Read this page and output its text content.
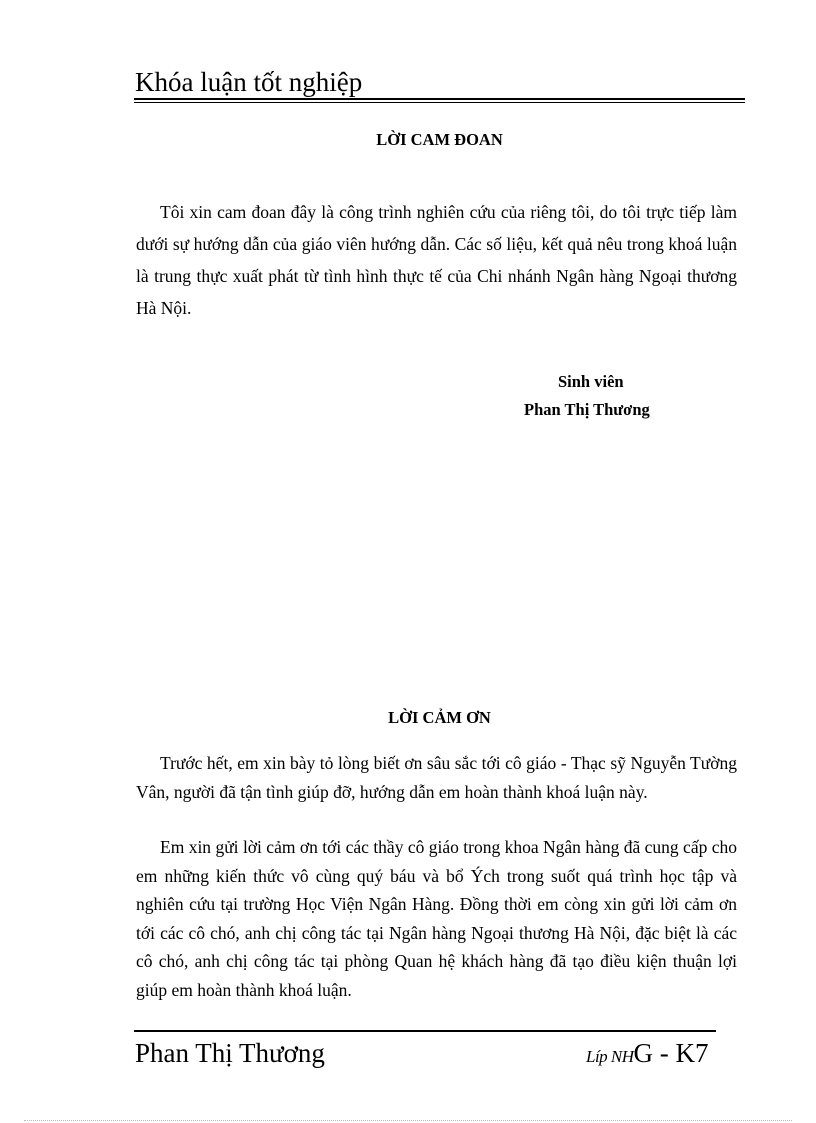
Khóa luận tốt nghiệp
LỜI CAM ĐOAN
Tôi xin cam đoan đây là công trình nghiên cứu của riêng tôi, do tôi trực tiếp làm dưới sự hướng dẫn của giáo viên hướng dẫn. Các số liệu, kết quả nêu trong khoá luận là trung thực xuất phát từ tình hình thực tế của Chi nhánh Ngân hàng Ngoại thương Hà Nội.
Sinh viên
Phan Thị Thương
LỜI CẢM ƠN
Trước hết, em xin bày tỏ lòng biết ơn sâu sắc tới cô giáo - Thạc sỹ Nguyễn Tường Vân, người đã tận tình giúp đỡ, hướng dẫn em hoàn thành khoá luận này.
Em xin gửi lời cảm ơn tới các thầy cô giáo trong khoa Ngân hàng đã cung cấp cho em những kiến thức vô cùng quý báu và bổ Ých trong suốt quá trình học tập và nghiên cứu tại trường Học Viện Ngân Hàng. Đồng thời em còng xin gửi lời cảm ơn tới các cô chó, anh chị công tác tại Ngân hàng Ngoại thương Hà Nội, đặc biệt là các cô chó, anh chị công tác tại phòng Quan hệ khách hàng đã tạo điều kiện thuận lợi giúp em hoàn thành khoá luận.
Phan Thị Thương	Líp NHG - K7
